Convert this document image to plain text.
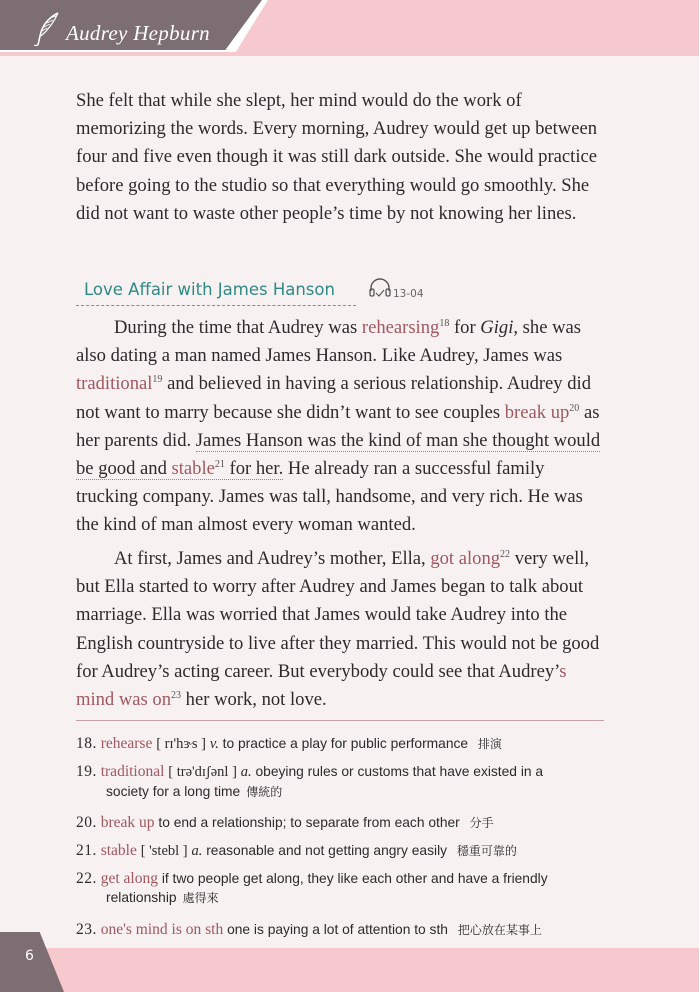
Audrey Hepburn

She felt that while she slept, her mind would do the work of memorizing the words. Every morning, Audrey would get up between four and five even though it was still dark outside. She would practice before going to the studio so that everything would go smoothly. She did not want to waste other people’s time by not knowing her lines.

Love Affair with James Hanson	13-04

During the time that Audrey was rehearsing$^{18}$ for Gigi, she was also dating a man named James Hanson. Like Audrey, James was traditional$^{19}$ and believed in having a serious relationship. Audrey did not want to marry because she didn’t want to see couples break $up^{20}$ as her parents did. James Hanson was the kind of man she thought would be good and stable$^{21}$ for her. He already ran a successful family trucking company. James was tall, handsome, and very rich. He was the kind of man almost every woman wanted.

At first, James and Audrey’s mother, Ella, got along$^{22}$ very well, but Ella started to worry after Audrey and James began to talk about marriage. Ella was worried that James would take Audrey into the English countryside to live after they married. This would not be good for Audrey’s acting career. But everybody could see that Audrey’s mind was $on^{23}$ her work, not love.

18. rehearse [ rɪ'hɝs ] v. to practice a play for public performance 排演
19. traditional [ trə'dɪʃənl ] a. obeying rules or customs that have existed in a
society for a long time 傳統的
20. break up to end a relationship; to separate from each other 分手
21. stable [ 'stebl ] a. reasonable and not getting angry easily 穩重可靠的
22. get along if two people get along, they like each other and have a friendly
relationship 處得來
23. one's mind is on sth one is paying a lot of attention to sth 把心放在某事上
6
